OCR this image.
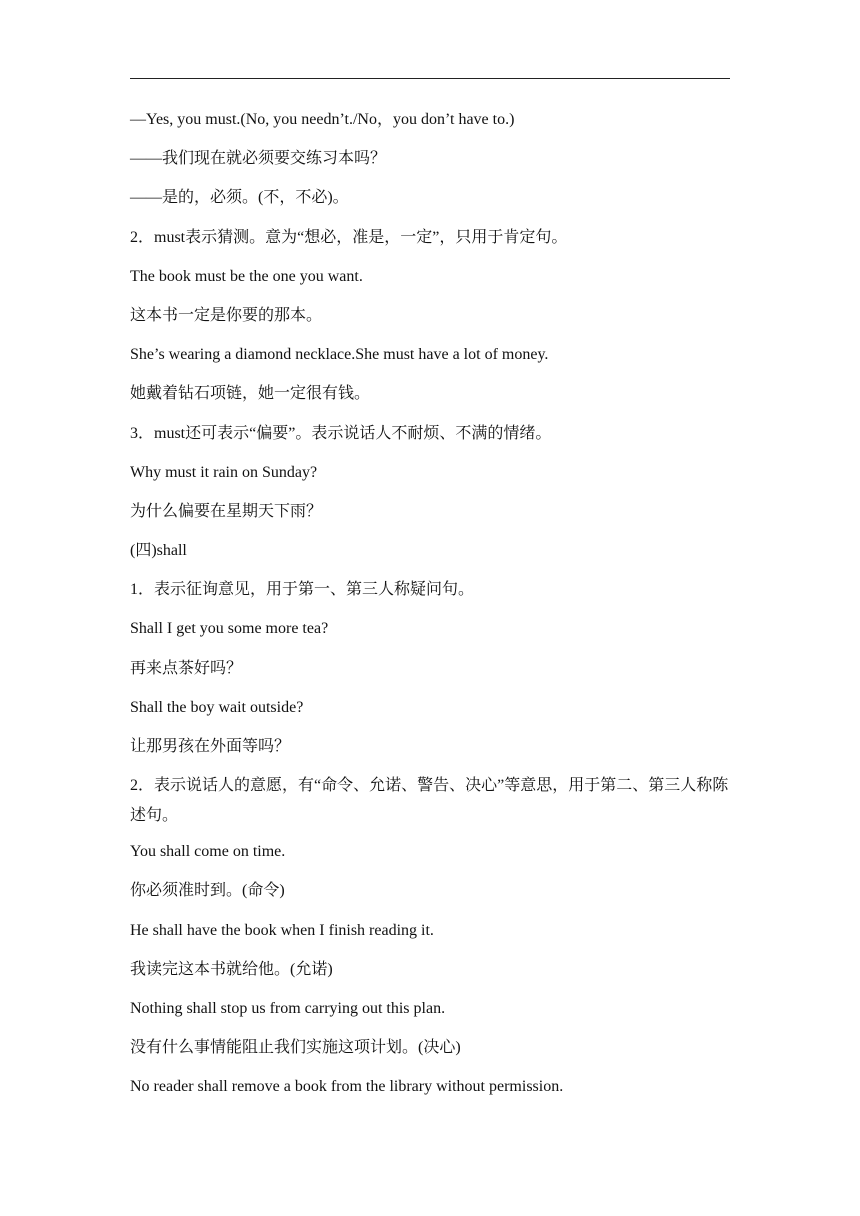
—Yes, you must.(No, you needn’t./No，you don’t have to.)

——我们现在就必须要交练习本吗？

——是的，必须。(不，不必)。

2．must表示猜测。意为“想必，准是，一定”，只用于肯定句。

The book must be the one you want.

这本书一定是你要的那本。

She’s wearing a diamond necklace.She must have a lot of money.

她戴着钻石项链，她一定很有钱。

3．must还可表示“偏要”。表示说话人不耐烦、不满的情绪。

Why must it rain on Sunday?

为什么偏要在星期天下雨？

(四)shall

1．表示征询意见，用于第一、第三人称疑问句。

Shall I get you some more tea?

再来点茶好吗？

Shall the boy wait outside?

让那男孩在外面等吗？

2．表示说话人的意愿，有“命令、允诺、警告、决心”等意思，用于第二、第三人称陈述句。

You shall come on time.

你必须准时到。(命令)

He shall have the book when I finish reading it.

我读完这本书就给他。(允诺)

Nothing shall stop us from carrying out this plan.

没有什么事情能阻止我们实施这项计划。(决心)

No reader shall remove a book from the library without permission.
